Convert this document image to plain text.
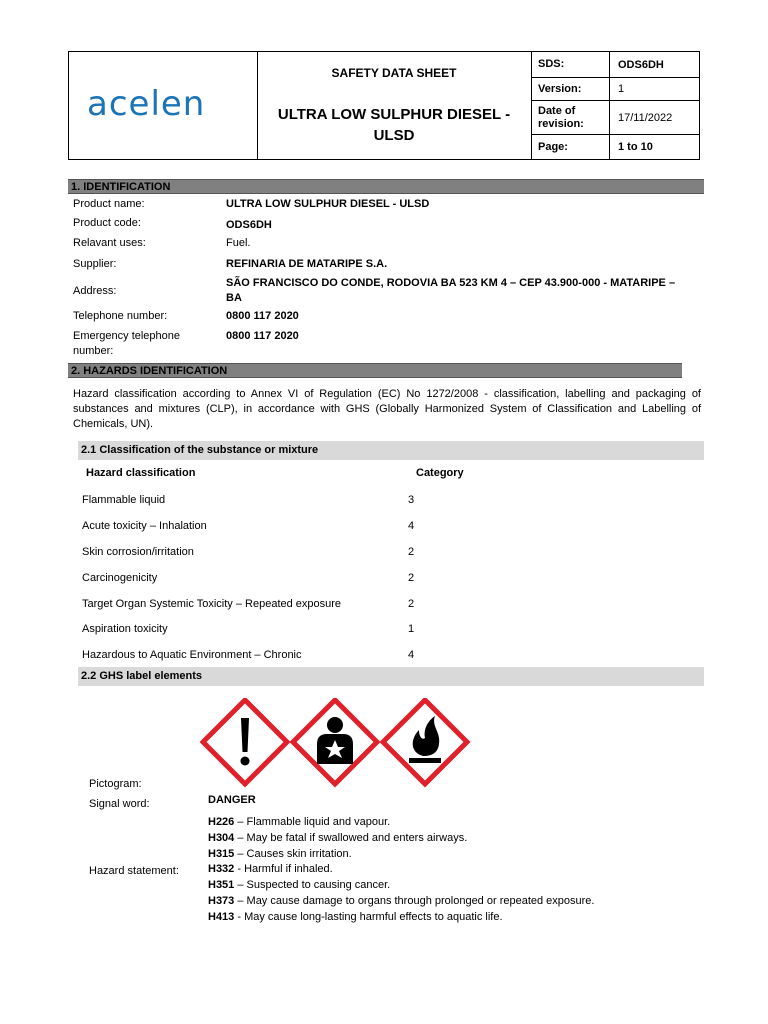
acelen
SAFETY DATA SHEET
ULTRA LOW SULPHUR DIESEL - ULSD
SDS:	ODS6DH
Version:	1
Date of revision:	17/11/2022
Page:	1 to 10
1. IDENTIFICATION
Product name:	ULTRA LOW SULPHUR DIESEL - ULSD
Product code:	ODS6DH
Relavant uses:	Fuel.
Supplier:	REFINARIA DE MATARIPE S.A.
Address:
SÃO FRANCISCO DO CONDE, RODOVIA BA 523 KM 4 – CEP 43.900-000 - MATARIPE – BA
Telephone number:	0800 117 2020
Emergency telephone number:
0800 117 2020
2. HAZARDS IDENTIFICATION
Hazard classification according to Annex VI of Regulation (EC) No 1272/2008 - classification, labelling and packaging of substances and mixtures (CLP), in accordance with GHS (Globally Harmonized System of Classification and Labelling of Chemicals, UN).
2.1 Classification of the substance or mixture
Hazard classification	Category
Flammable liquid	3
Acute toxicity – Inhalation	4
Skin corrosion/irritation	2
Carcinogenicity	2
Target Organ Systemic Toxicity – Repeated exposure	2
Aspiration toxicity	1
Hazardous to Aquatic Environment – Chronic	4
2.2 GHS label elements
Pictogram:
Signal word:	DANGER
Hazard statement:
H226 – Flammable liquid and vapour.
H304 – May be fatal if swallowed and enters airways.
H315 – Causes skin irritation.
H332 - Harmful if inhaled.
H351 – Suspected to causing cancer.
H373 – May cause damage to organs through prolonged or repeated exposure.
H413 - May cause long-lasting harmful effects to aquatic life.
